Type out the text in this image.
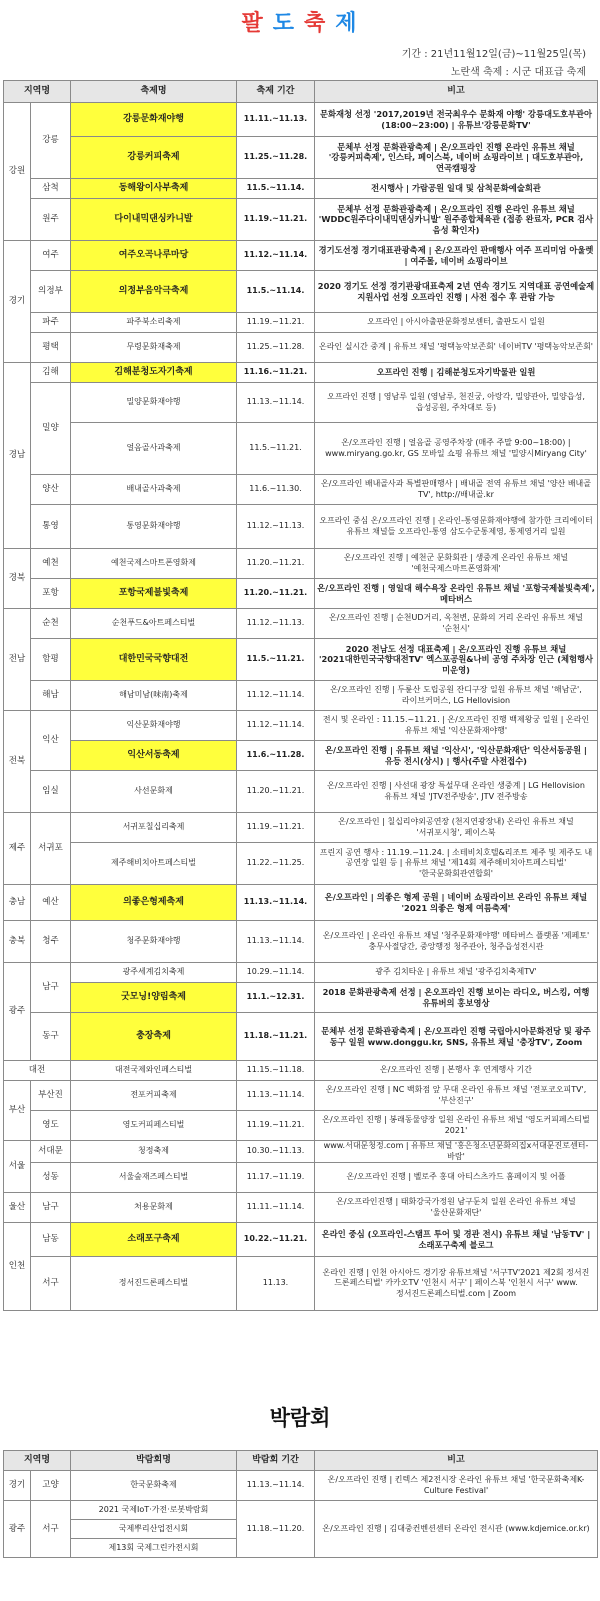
팔 도 축 제
기간 : 21년11월12일(금)~11월25일(목)
노란색 축제 : 시군 대표급 축제
지역명		축제명	축제 기간	비고
강원	강릉	강릉문화재야행	11.11.~11.13.	문화재청 선정 '2017,2019년 전국최우수 문화재 야행' 강릉대도호부관아(18:00~23:00) | 유튜브'강릉문화TV'
		강릉커피축제	11.25.~11.28.	문체부 선정 문화관광축제 | 온/오프라인 진행 온라인 유튜브 채널 '강릉커피축제', 인스타, 페이스북, 네이버 쇼핑라이브 | 대도호부관아, 연곡캠핑장
	삼척	동해왕이사부축제	11.5.~11.14.	전시행사 | 가람공원 일대 및 삼척문화예술회관
	원주	다이내믹댄싱카니발	11.19.~11.21.	문체부 선정 문화관광축제 | 온/오프라인 진행 온라인 유튜브 채널 'WDDC원주다이내믹댄싱카니발' 원주종합체육관 (접종 완료자, PCR 검사 음성 확인자)
경기	여주	여주오곡나루마당	11.12.~11.14.	경기도선정 경기대표관광축제 | 온/오프라인 판매행사 여주 프리미엄 아울렛 | 여주몰, 네이버 쇼핑라이브
	의정부	의정부음악극축제	11.5.~11.14.	2020 경기도 선정 경기관광대표축제 2년 연속 경기도 지역대표 공연예술제 지원사업 선정 오프라인 진행 | 사전 접수 후 관람 가능
	파주	파주북소리축제	11.19.~11.21.	오프라인 | 아시아출판문화정보센터, 출판도시 일원
	평택	무령문화재축제	11.25.~11.28.	온라인 실시간 중계 | 유튜브 채널 '평택농악보존회' 네이버TV '평택농악보존회'
경남	김해	김해분청도자기축제	11.16.~11.21.	오프라인 진행 | 김해분청도자기박물관 일원
	밀양	밀양문화재야행	11.13.~11.14.	오프라인 진행 | 영남루 일원 (영남루, 천진궁, 아랑각, 밀양관아, 밀양읍성, 읍성공원, 주차대로 등)
		얼음골사과축제	11.5.~11.21.	온/오프라인 진행 | 얼음골 공영주차장 (매주 주말 9:00~18:00) | www.miryang.go.kr, GS 모바일 쇼핑 유튜브 채널 '밀양시Miryang City'
	양산	배내골사과축제	11.6.~11.30.	온/오프라인 배내골사과 특별판매행사 | 배내골 전역 유튜브 채널 '양산 배내골 TV', http://배내골.kr
	통영	통영문화재야행	11.12.~11.13.	오프라인 중심 온/오프라인 진행 | 온라인-통영문화재야행에 참가한 크리에이터 유튜브 채널들 오프라인-통영 삼도수군통제영, 통제영거리 일원
경북	예천	예천국제스마트폰영화제	11.20.~11.21.	온/오프라인 진행 | 예천군 문화회관 | 생중계 온라인 유튜브 채널 '예천국제스마트폰영화제'
	포항	포항국제불빛축제	11.20.~11.21.	온/오프라인 진행 | 영일대 해수욕장 온라인 유튜브 채널 '포항국제불빛축제', 메타버스
전남	순천	순천푸드&아트페스티벌	11.12.~11.13.	온/오프라인 진행 | 순천UD거리, 옥천변, 문화의 거리 온라인 유튜브 채널 '순천시'
	함평	대한민국국향대전	11.5.~11.21.	2020 전남도 선정 대표축제 | 온/오프라인 진행 유튜브 채널 '2021대한민국국향대전TV' 엑스포공원&나비 공영 주차장 인근 (체험행사 미운영)
	해남	해남미남(味南)축제	11.12.~11.14.	온/오프라인 진행 | 두륜산 도립공원 잔디구장 일원 유튜브 채널 '해남군', 라이브커머스, LG Hellovision
전북	익산	익산문화재야행	11.12.~11.14.	전시 및 온라인 : 11.15.~11.21. | 온/오프라인 진행 백제왕궁 일원 | 온라인 유튜브 채널 '익산문화재야행'
		익산서동축제	11.6.~11.28.	온/오프라인 진행 | 유튜브 채널 '익산시', '익산문화재단' 익산서동공원 | 유등 전시(상시) | 행사(주말 사전접수)
	임실	사선문화제	11.20.~11.21.	온/오프라인 진행 | 사선대 광장 특설무대 온라인 생중계 | LG Hellovision 유튜브 채널 'JTV전주방송', JTV 전주방송
제주	서귀포	서귀포칠십리축제	11.19.~11.21.	온/오프라인 | 칠십리야외공연장 (천지연광장내) 온라인 유튜브 채널 '서귀포시청', 페이스북
		제주해비치아트페스티벌	11.22.~11.25.	프린지 공연 행사 : 11.19.~11.24. | 소테비치호텔&리조트 제주 및 제주도 내 공연장 일원 등 | 유튜브 채널 '제14회 제주해비치아트페스티벌' '한국문화회관연합회'
충남	예산	의좋은형제축제	11.13.~11.14.	온/오프라인 | 의좋은 형제 공원 | 네이버 쇼핑라이브 온라인 유튜브 채널 '2021 의좋은 형제 여름축제'
충북	청주	청주문화재야행	11.13.~11.14.	온/오프라인 | 온라인 유튜브 채널 '청주문화재야행' 메타버스 플랫폼 '제페토' 충무사절당간, 중앙행정 청주관아, 청주읍성전시관
광주	남구	광주세계김치축제	10.29.~11.14.	광주 김치타운 | 유튜브 채널 '광주김치축제TV'
		굿모닝!양림축제	11.1.~12.31.	2018 문화관광축제 선정 | 온오프라인 진행 보이는 라디오, 버스킹, 여행 유튜버의 홍보영상
	동구	충장축제	11.18.~11.21.	문체부 선정 문화관광축제 | 온/오프라인 진행 국립아시아문화전당 및 광주 동구 일원 www.donggu.kr, SNS, 유튜브 채널 '충장TV', Zoom
대전		대전국제와인페스티벌	11.15.~11.18.	온/오프라인 진행 | 본행사 후 연계행사 기간
부산	부산진	전포커피축제	11.13.~11.14.	온/오프라인 진행 | NC 백화점 앞 무대 온라인 유튜브 채널 '전포코오피TV', '부산진구'
	영도	영도커피페스티벌	11.19.~11.21.	온/오프라인 진행 | 봉래동물양장 일원 온라인 유튜브 채널 '영도커피페스티벌 2021'
서울	서대문	청정축제	10.30.~11.13.	www.서대문청정.com | 유튜브 채널 '홍은청소년문화의집x서대문진로센터-바람'
	성동	서울숲재즈페스티벌	11.17.~11.19.	온/오프라인 진행 | 벨로주 홍대 아티스츠카드 홈페이지 및 어플
울산	남구	처용문화제	11.11.~11.14.	온/오프라인진행 | 태화강국가정원 남구둔치 일원 온라인 유튜브 채널 '울산문화재단'
인천	남동	소래포구축제	10.22.~11.21.	온라인 중심 (오프라인-스탬프 투어 및 경관 전시) 유튜브 채널 '남동TV' | 소래포구축제 블로그
	서구	정서진드론페스티벌	11.13.	온라인 진행 | 인천 아시아드 경기장 유튜브채널 '서구TV'2021 제2회 정서진 드론페스티벌' 카카오TV '인천시 서구' | 페이스북 '인천시 서구' www.정서진드론페스티벌.com | Zoom
박람회
지역명		박람회명	박람회 기간	비고
경기	고양	한국문화축제	11.13.~11.14.	온/오프라인 진행 | 킨텍스 제2전시장 온라인 유튜브 채널 '한국문화축제K-Culture Festival'
광주	서구	2021 국제IoT·가전·로봇박람회	11.18.~11.20.	온/오프라인 진행 | 김대중컨벤션센터 온라인 전시관 (www.kdjemice.or.kr)
		국제뿌리산업전시회		
		제13회 국제그린카전시회		
